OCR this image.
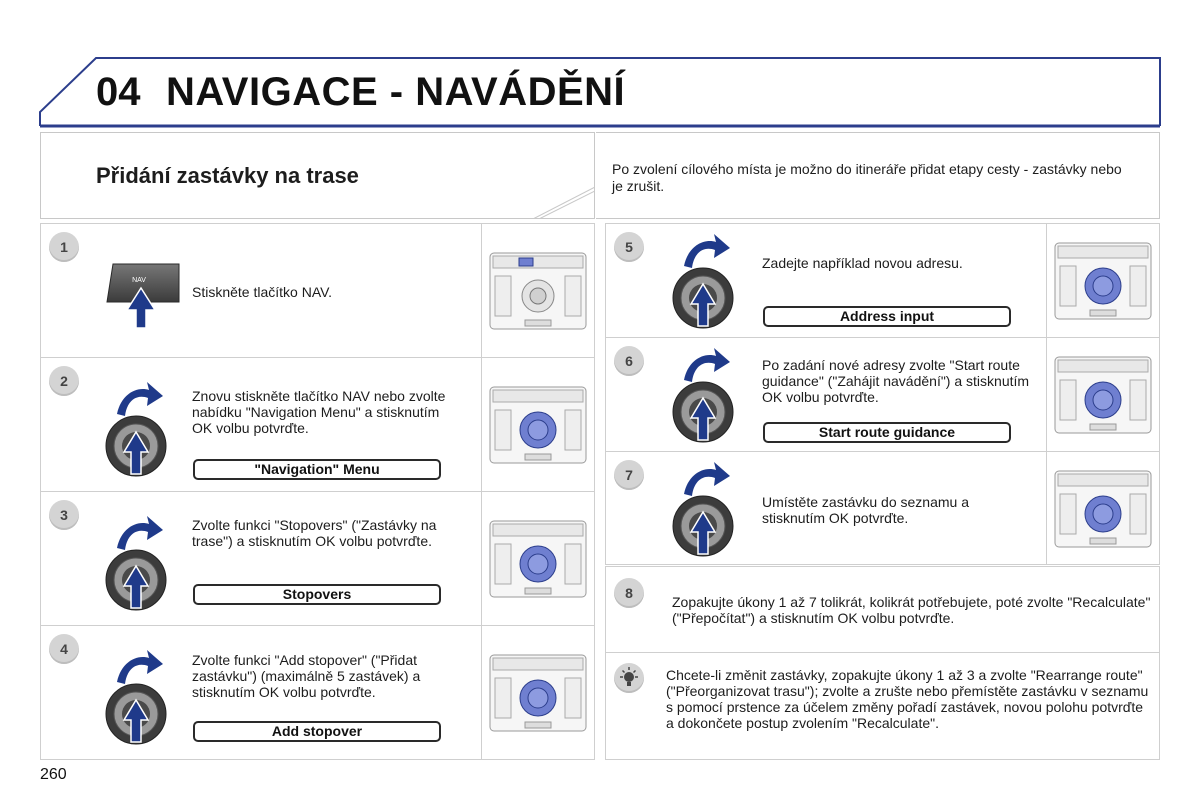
04 NAVIGACE - NAVÁDĚNÍ
Přidání zastávky na trase	Po zvolení cílového místa je možno do itineráře přidat etapy cesty - zastávky nebo je zrušit.
1
NAV
Stiskněte tlačítko NAV.
2
Znovu stiskněte tlačítko NAV nebo zvolte nabídku "Navigation Menu" a stisknutím OK volbu potvrďte.
"Navigation" Menu
3
Zvolte funkci "Stopovers" ("Zastávky na trase") a stisknutím OK volbu potvrďte.
Stopovers
4
Zvolte funkci "Add stopover" ("Přidat zastávku") (maximálně 5 zastávek) a stisknutím OK volbu potvrďte.
Add stopover
5
Zadejte například novou adresu.
Address input
6	Po zadání nové adresy zvolte "Start route guidance" ("Zahájit navádění") a stisknutím OK volbu potvrďte.
Start route guidance
7
Umístěte zastávku do seznamu a stisknutím OK potvrďte.
8
Zopakujte úkony 1 až 7 tolikrát, kolikrát potřebujete, poté zvolte "Recalculate" ("Přepočítat") a stisknutím OK volbu potvrďte.
Chcete-li změnit zastávky, zopakujte úkony 1 až 3 a zvolte "Rearrange route" ("Přeorganizovat trasu"); zvolte a zrušte nebo přemístěte zastávku v seznamu s pomocí prstence za účelem změny pořadí zastávek, novou polohu potvrďte a dokončete postup zvolením "Recalculate".
260
